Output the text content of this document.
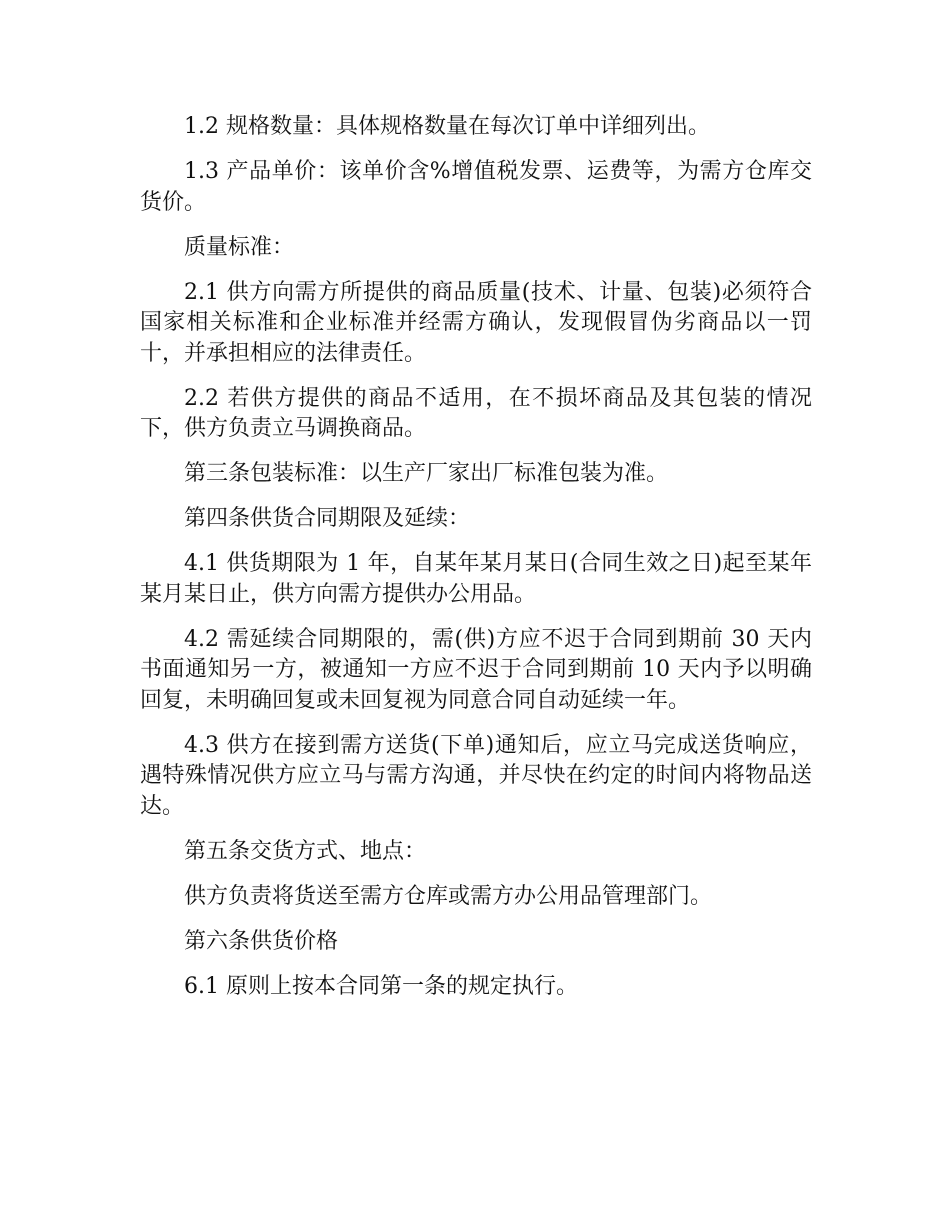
1.2 规格数量：具体规格数量在每次订单中详细列出。

1.3 产品单价：该单价含%增值税发票、运费等，为需方仓库交货价。

质量标准：

2.1 供方向需方所提供的商品质量(技术、计量、包装)必须符合国家相关标准和企业标准并经需方确认，发现假冒伪劣商品以一罚十，并承担相应的法律责任。

2.2 若供方提供的商品不适用，在不损坏商品及其包装的情况下，供方负责立马调换商品。

第三条包装标准：以生产厂家出厂标准包装为准。

第四条供货合同期限及延续：

4.1 供货期限为 1 年，自某年某月某日(合同生效之日)起至某年某月某日止，供方向需方提供办公用品。

4.2 需延续合同期限的，需(供)方应不迟于合同到期前 30 天内书面通知另一方，被通知一方应不迟于合同到期前 10 天内予以明确回复，未明确回复或未回复视为同意合同自动延续一年。

4.3 供方在接到需方送货(下单)通知后，应立马完成送货响应，遇特殊情况供方应立马与需方沟通，并尽快在约定的时间内将物品送达。

第五条交货方式、地点：

供方负责将货送至需方仓库或需方办公用品管理部门。

第六条供货价格

6.1 原则上按本合同第一条的规定执行。
